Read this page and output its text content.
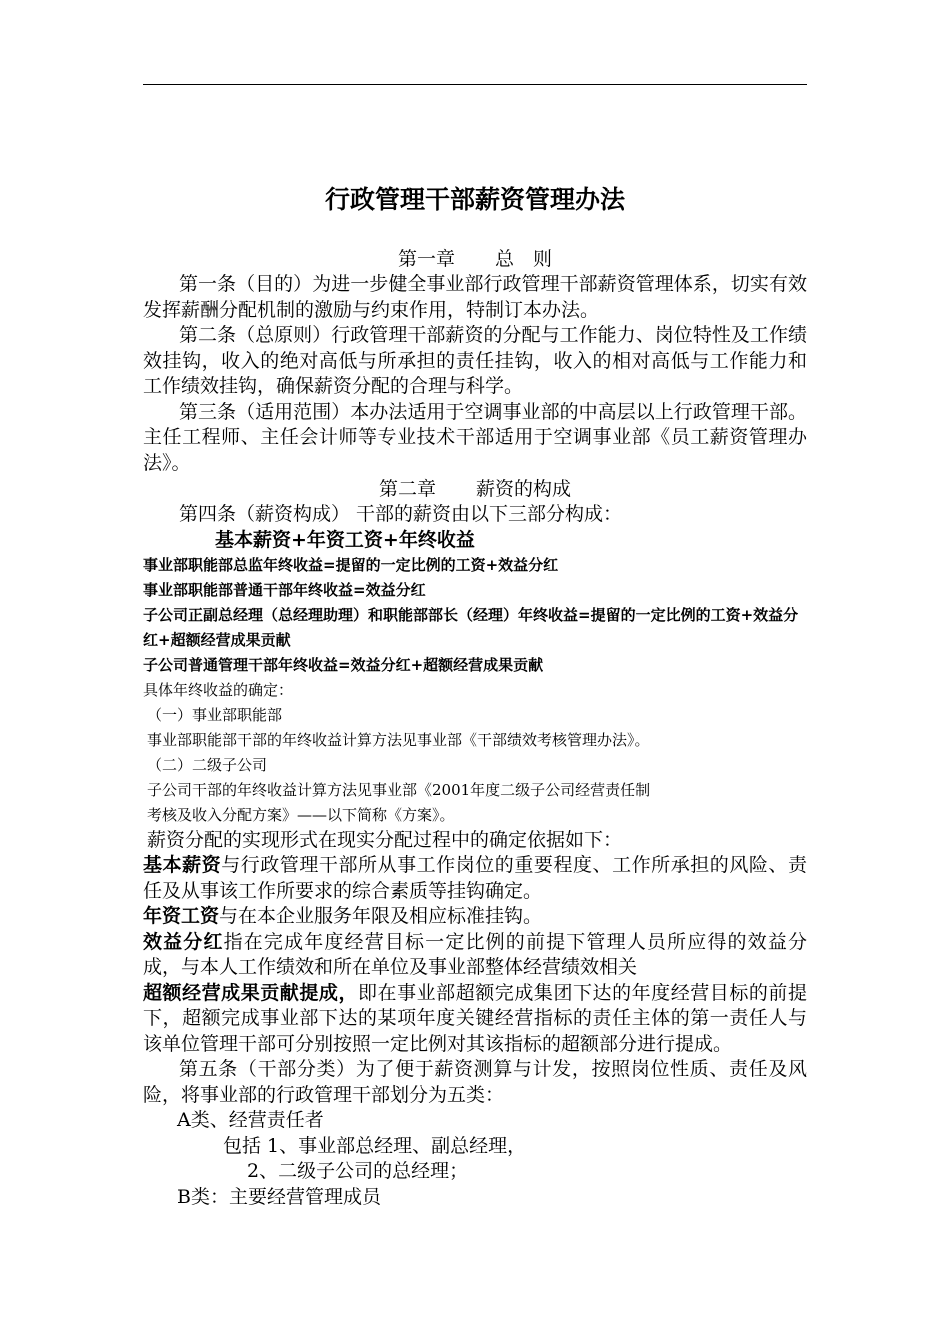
行政管理干部薪资管理办法
第一章 总　则

第一条（目的）为进一步健全事业部行政管理干部薪资管理体系，切实有效发挥薪酬分配机制的激励与约束作用，特制订本办法。

第二条（总原则）行政管理干部薪资的分配与工作能力、岗位特性及工作绩效挂钩，收入的绝对高低与所承担的责任挂钩，收入的相对高低与工作能力和工作绩效挂钩，确保薪资分配的合理与科学。

第三条（适用范围）本办法适用于空调事业部的中高层以上行政管理干部。主任工程师、主任会计师等专业技术干部适用于空调事业部《员工薪资管理办法》。

第二章 薪资的构成

第四条（薪资构成） 干部的薪资由以下三部分构成：

基本薪资+年资工资+年终收益

事业部职能部总监年终收益=提留的一定比例的工资+效益分红

事业部职能部普通干部年终收益=效益分红

子公司正副总经理（总经理助理）和职能部部长（经理）年终收益=提留的一定比例的工资+效益分红+超额经营成果贡献

子公司普通管理干部年终收益=效益分红+超额经营成果贡献

具体年终收益的确定：

（一）事业部职能部

事业部职能部干部的年终收益计算方法见事业部《干部绩效考核管理办法》。

（二）二级子公司

子公司干部的年终收益计算方法见事业部《2001年度二级子公司经营责任制

考核及收入分配方案》——以下简称《方案》。

薪资分配的实现形式在现实分配过程中的确定依据如下：

基本薪资与行政管理干部所从事工作岗位的重要程度、工作所承担的风险、责任及从事该工作所要求的综合素质等挂钩确定。

年资工资与在本企业服务年限及相应标准挂钩。

效益分红指在完成年度经营目标一定比例的前提下管理人员所应得的效益分成，与本人工作绩效和所在单位及事业部整体经营绩效相关

超额经营成果贡献提成，即在事业部超额完成集团下达的年度经营目标的前提下，超额完成事业部下达的某项年度关键经营指标的责任主体的第一责任人与该单位管理干部可分别按照一定比例对其该指标的超额部分进行提成。

第五条（干部分类）为了便于薪资测算与计发，按照岗位性质、责任及风险，将事业部的行政管理干部划分为五类：

A类、经营责任者

包括 1、事业部总经理、副总经理，

2、二级子公司的总经理；

B类：主要经营管理成员
